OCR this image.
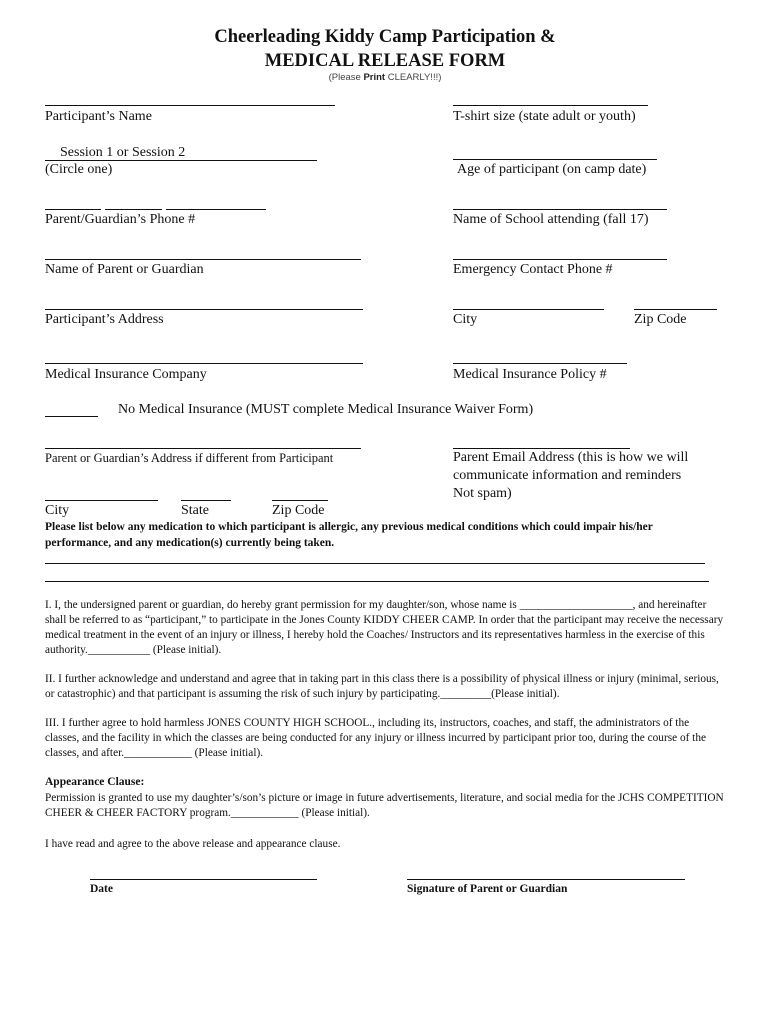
Cheerleading Kiddy Camp Participation &
MEDICAL RELEASE FORM
(Please Print CLEARLY!!!)
Participant’s Name	T-shirt size (state adult or youth)
Session 1 or Session 2
(Circle one)	Age of participant (on camp date)
Parent/Guardian’s Phone #	Name of School attending (fall 17)
Name of Parent or Guardian	Emergency Contact Phone #
Participant’s Address	City	Zip Code
Medical Insurance Company	Medical Insurance Policy #
No Medical Insurance (MUST complete Medical Insurance Waiver Form)
Parent or Guardian’s Address if different from Participant	Parent Email Address (this is how we will
communicate information and reminders
Not spam)
City	State	Zip Code
Please list below any medication to which participant is allergic, any previous medical conditions which could impair his/her
performance, and any medication(s) currently being taken.
I. I, the undersigned parent or guardian, do hereby grant permission for my daughter/son, whose name is ____________________, and hereinafter shall be referred to as “participant,” to participate in the Jones County KIDDY CHEER CAMP. In order that the participant may receive the necessary medical treatment in the event of an injury or illness, I hereby hold the Coaches/ Instructors and its representatives harmless in the exercise of this authority.___________ (Please initial).
II. I further acknowledge and understand and agree that in taking part in this class there is a possibility of physical illness or injury (minimal, serious, or catastrophic) and that participant is assuming the risk of such injury by participating._________(Please initial).
III. I further agree to hold harmless JONES COUNTY HIGH SCHOOL., including its, instructors, coaches, and staff, the administrators of the classes, and the facility in which the classes are being conducted for any injury or illness incurred by participant prior too, during the course of the classes, and after.____________ (Please initial).
Appearance Clause:
Permission is granted to use my daughter’s/son’s picture or image in future advertisements, literature, and social media for the JCHS COMPETITION CHEER & CHEER FACTORY program.____________ (Please initial).
I have read and agree to the above release and appearance clause.
Date	Signature of Parent or Guardian
